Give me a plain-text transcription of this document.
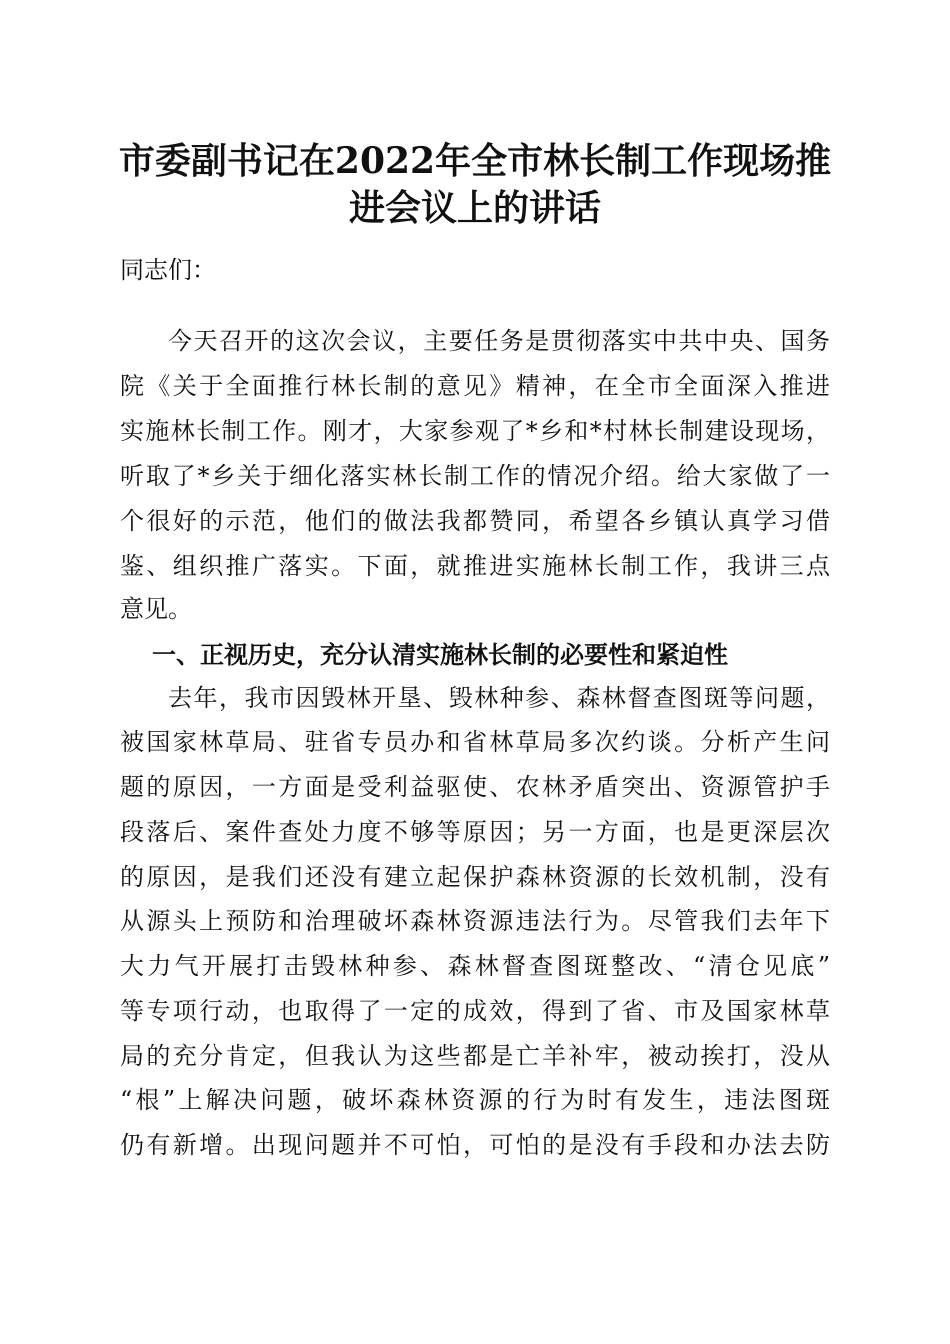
市委副书记在2022年全市林长制工作现场推
进会议上的讲话
同志们：
今天召开的这次会议，主要任务是贯彻落实中共中央、国务
院《关于全面推行林长制的意见》精神，在全市全面深入推进
实施林长制工作。刚才，大家参观了*乡和*村林长制建设现场，
听取了*乡关于细化落实林长制工作的情况介绍。给大家做了一
个很好的示范，他们的做法我都赞同，希望各乡镇认真学习借
鉴、组织推广落实。下面，就推进实施林长制工作，我讲三点
意见。
一、正视历史，充分认清实施林长制的必要性和紧迫性
去年，我市因毁林开垦、毁林种参、森林督查图斑等问题，
被国家林草局、驻省专员办和省林草局多次约谈。分析产生问
题的原因，一方面是受利益驱使、农林矛盾突出、资源管护手
段落后、案件查处力度不够等原因；另一方面，也是更深层次
的原因，是我们还没有建立起保护森林资源的长效机制，没有
从源头上预防和治理破坏森林资源违法行为。尽管我们去年下
大力气开展打击毁林种参、森林督查图斑整改、“清仓见底”
等专项行动，也取得了一定的成效，得到了省、市及国家林草
局的充分肯定，但我认为这些都是亡羊补牢，被动挨打，没从
“根”上解决问题，破坏森林资源的行为时有发生，违法图斑
仍有新增。出现问题并不可怕，可怕的是没有手段和办法去防
